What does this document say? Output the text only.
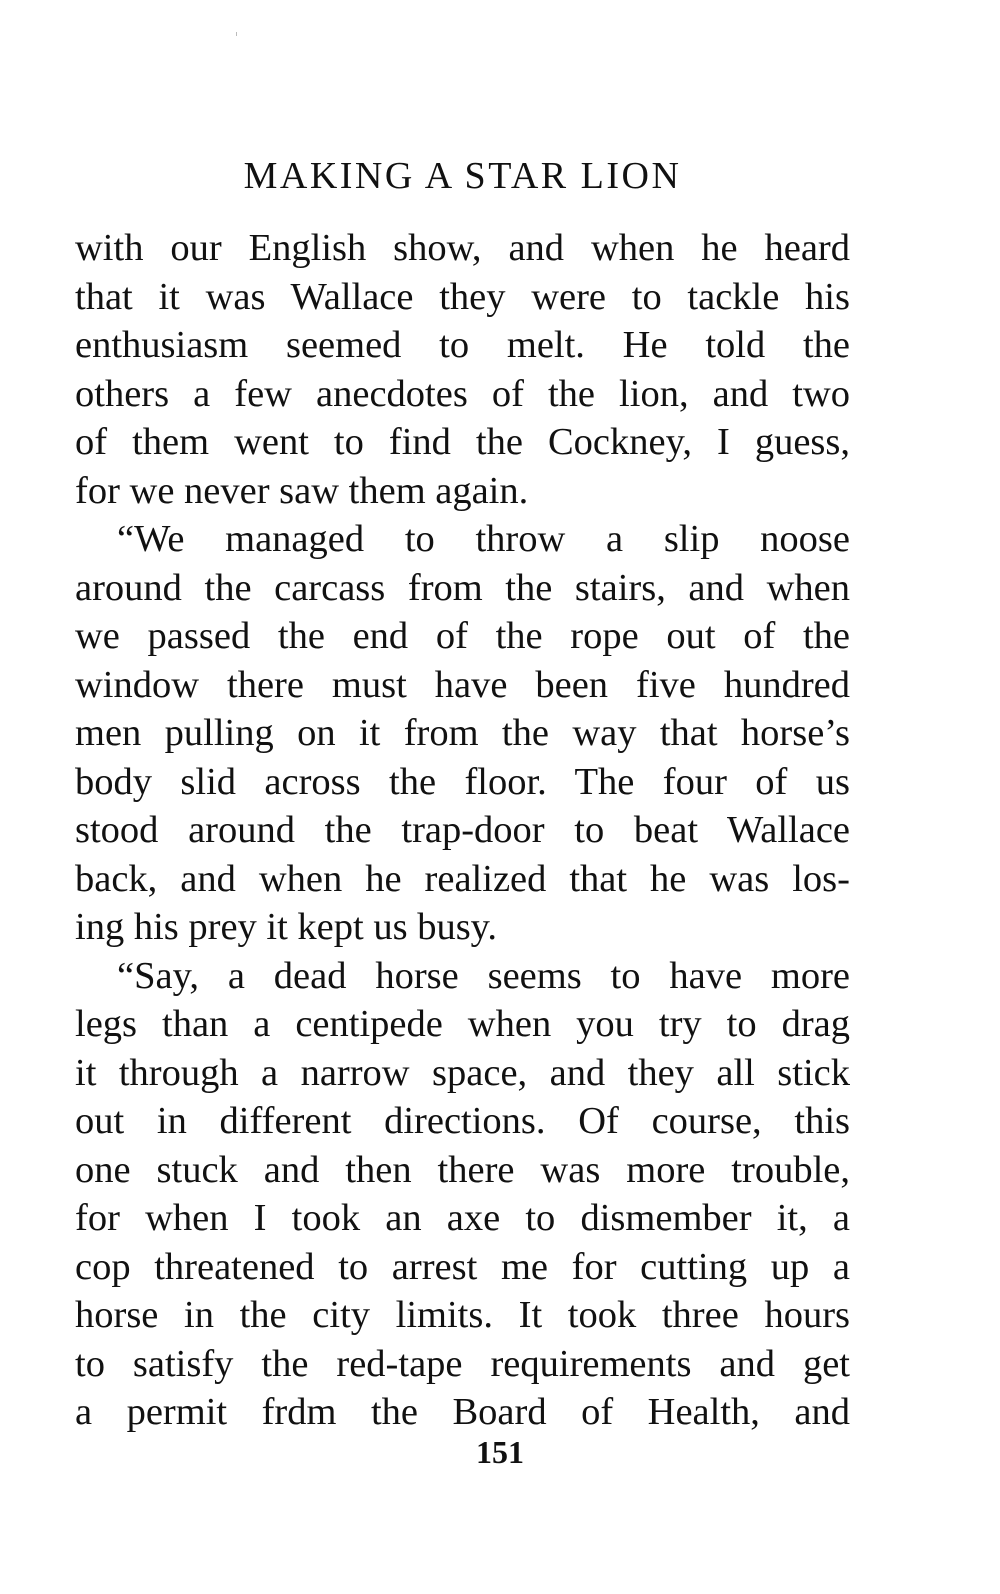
MAKING A STAR LION
with our English show, and when he heard
that it was Wallace they were to tackle his
enthusiasm seemed to melt. He told the
others a few anecdotes of the lion, and two
of them went to find the Cockney, I guess,
for we never saw them again.
“We managed to throw a slip noose
around the carcass from the stairs, and when
we passed the end of the rope out of the
window there must have been five hundred
men pulling on it from the way that horse’s
body slid across the floor. The four of us
stood around the trap-door to beat Wallace
back, and when he realized that he was los-
ing his prey it kept us busy.
“Say, a dead horse seems to have more
legs than a centipede when you try to drag
it through a narrow space, and they all stick
out in different directions. Of course, this
one stuck and then there was more trouble,
for when I took an axe to dismember it, a
cop threatened to arrest me for cutting up a
horse in the city limits. It took three hours
to satisfy the red-tape requirements and get
a permit frdm the Board of Health, and
151
